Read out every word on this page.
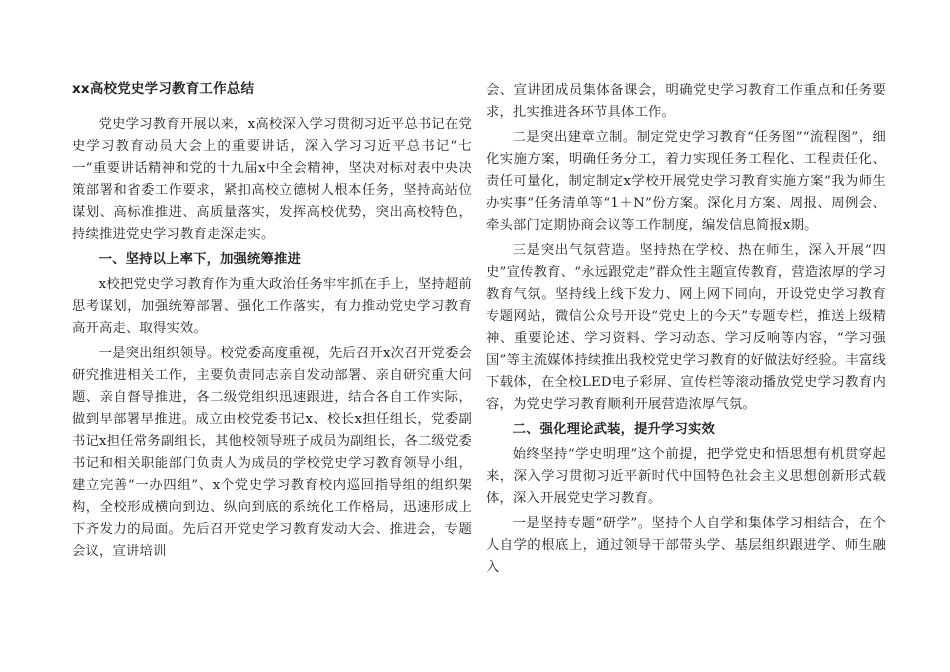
xx高校党史学习教育工作总结

党史学习教育开展以来，x高校深入学习贯彻习近平总书记在党史学习教育动员大会上的重要讲话，深入学习习近平总书记“七一”重要讲话精神和党的十九届x中全会精神，坚决对标对表中央决策部署和省委工作要求，紧扣高校立德树人根本任务，坚持高站位谋划、高标准推进、高质量落实，发挥高校优势，突出高校特色，持续推进党史学习教育走深走实。

一、坚持以上率下，加强统筹推进

x校把党史学习教育作为重大政治任务牢牢抓在手上，坚持超前思考谋划，加强统筹部署、强化工作落实，有力推动党史学习教育高开高走、取得实效。

一是突出组织领导。校党委高度重视，先后召开x次召开党委会研究推进相关工作，主要负责同志亲自发动部署、亲自研究重大问题、亲自督导推进，各二级党组织迅速跟进，结合各自工作实际，做到早部署早推进。成立由校党委书记x、校长x担任组长，党委副书记x担任常务副组长，其他校领导班子成员为副组长，各二级党委书记和相关职能部门负责人为成员的学校党史学习教育领导小组，建立完善“一办四组”、x个党史学习教育校内巡回指导组的组织架构，全校形成横向到边、纵向到底的系统化工作格局，迅速形成上下齐发力的局面。先后召开党史学习教育发动大会、推进会，专题会议，宣讲培训

会、宣讲团成员集体备课会，明确党史学习教育工作重点和任务要求，扎实推进各环节具体工作。

二是突出建章立制。制定党史学习教育“任务图”“流程图”，细化实施方案，明确任务分工，着力实现任务工程化、工程责任化、责任可量化，制定制定x学校开展党史学习教育实施方案“我为师生办实事”任务清单等“1＋N”份方案。深化月方案、周报、周例会、牵头部门定期协商会议等工作制度，编发信息简报x期。

三是突出气氛营造。坚持热在学校、热在师生，深入开展“四史”宣传教育、“永远跟党走”群众性主题宣传教育，营造浓厚的学习教育气氛。坚持线上线下发力、网上网下同向，开设党史学习教育专题网站，微信公众号开设“党史上的今天”专题专栏，推送上级精神、重要论述、学习资料、学习动态、学习反响等内容，“学习强国”等主流媒体持续推出我校党史学习教育的好做法好经验。丰富线下载体，在全校LED电子彩屏、宣传栏等滚动播放党史学习教育内容，为党史学习教育顺利开展营造浓厚气氛。

二、强化理论武装，提升学习实效

始终坚持“学史明理”这个前提，把学党史和悟思想有机贯穿起来，深入学习贯彻习近平新时代中国特色社会主义思想创新形式载体，深入开展党史学习教育。

一是坚持专题“研学”。坚持个人自学和集体学习相结合，在个人自学的根底上，通过领导干部带头学、基层组织跟进学、师生融入
